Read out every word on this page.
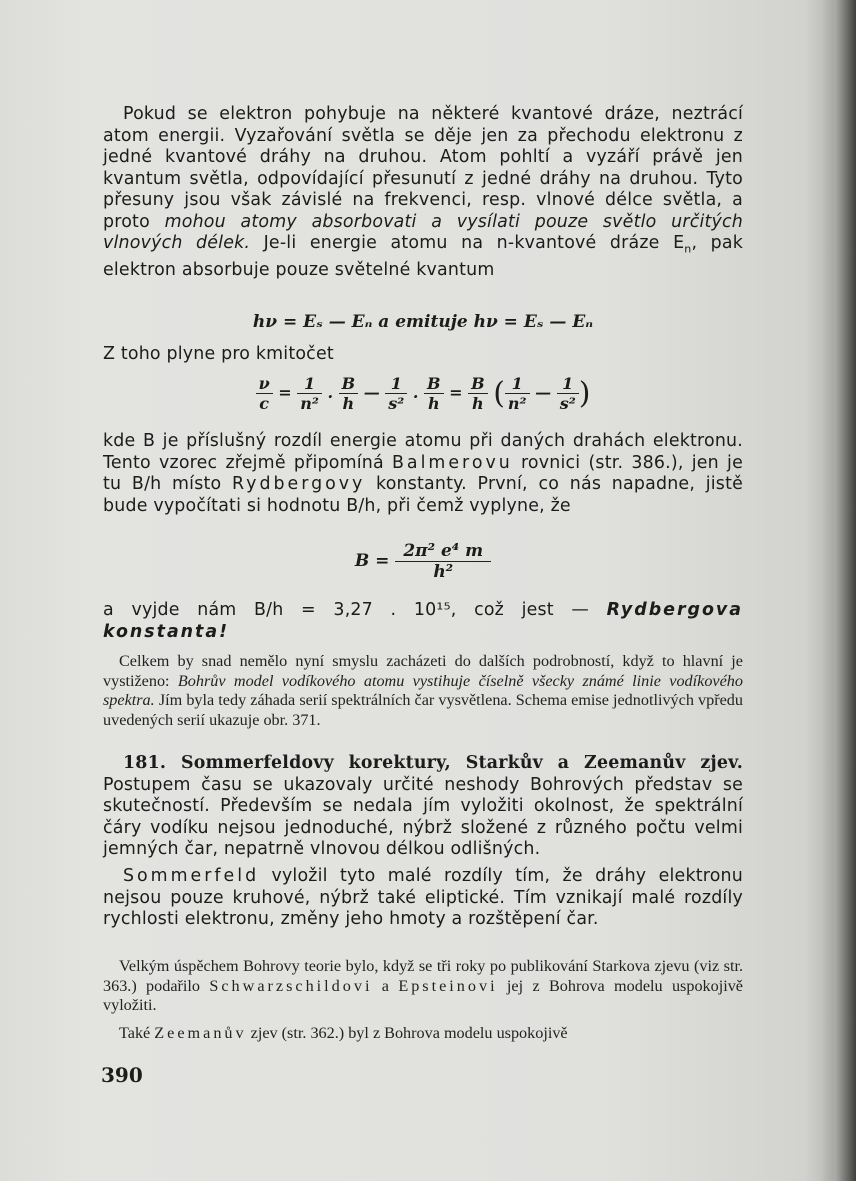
Pokud se elektron pohybuje na některé kvantové dráze, neztrácí atom energii. Vyzařování světla se děje jen za přechodu elektronu z jedné kvantové dráhy na druhou. Atom pohltí a vyzáří právě jen kvantum světla, odpovídající přesunutí z jedné dráhy na druhou. Tyto přesuny jsou však závislé na frekvenci, resp. vlnové délce světla, a proto mohou atomy absorbovati a vysílati pouze světlo určitých vlnových délek. Je-li energie atomu na n-kvantové dráze $E_n$, pak elektron absorbuje pouze světelné kvantum

hν = Eₛ — Eₙ a emituje hν = Eₛ — Eₙ
Z toho plyne pro kmitočet
$\frac{\nu}{c} = \frac{1}{\text{n²}}$ . $\frac{B}{h}$ — $\frac{1}{\text{s²}}$ . $\frac{B}{h} = \frac{B}{h}$ ( $\frac{1}{\text{n²}}$ — $\frac{1}{\text{s²}}$ )

kde B je příslušný rozdíl energie atomu při daných drahách elektronu. Tento vzorec zřejmě připomíná Balmerovu rovnici (str. 386.), jen je tu B/h místo Rydbergovy konstanty. První, co nás napadne, jistě bude vypočítati si hodnotu B/h, při čemž vyplyne, že

$B = \frac{\text{2π² e⁴ m}}{\text{h²}}$

a vyjde nám B/h = 3,27 . 10¹⁵, což jest — Rydbergova konstanta!

Celkem by snad nemělo nyní smyslu zacházeti do dalších podrobností, když to hlavní je vystiženo: Bohrův model vodíkového atomu vystihuje číselně všecky známé linie vodíkového spektra. Jím byla tedy záhada serií spektrálních čar vysvětlena. Schema emise jednotlivých vpředu uvedených serií ukazuje obr. 371.

181. Sommerfeldovy korektury, Starkův a Zeemanův zjev. Postupem času se ukazovaly určité neshody Bohrových představ se skutečností. Především se nedala jím vyložiti okolnost, že spektrální čáry vodíku nejsou jednoduché, nýbrž složené z různého počtu velmi jemných čar, nepatrně vlnovou délkou odlišných.

Sommerfeld vyložil tyto malé rozdíly tím, že dráhy elektronu nejsou pouze kruhové, nýbrž také eliptické. Tím vznikají malé rozdíly rychlosti elektronu, změny jeho hmoty a rozštěpení čar.

Velkým úspěchem Bohrovy teorie bylo, když se tři roky po publikování Starkova zjevu (viz str. 363.) podařilo Schwarzschildovi a Epsteinovi jej z Bohrova modelu uspokojivě vyložiti.

Také Zeemanův zjev (str. 362.) byl z Bohrova modelu uspokojivě

390
